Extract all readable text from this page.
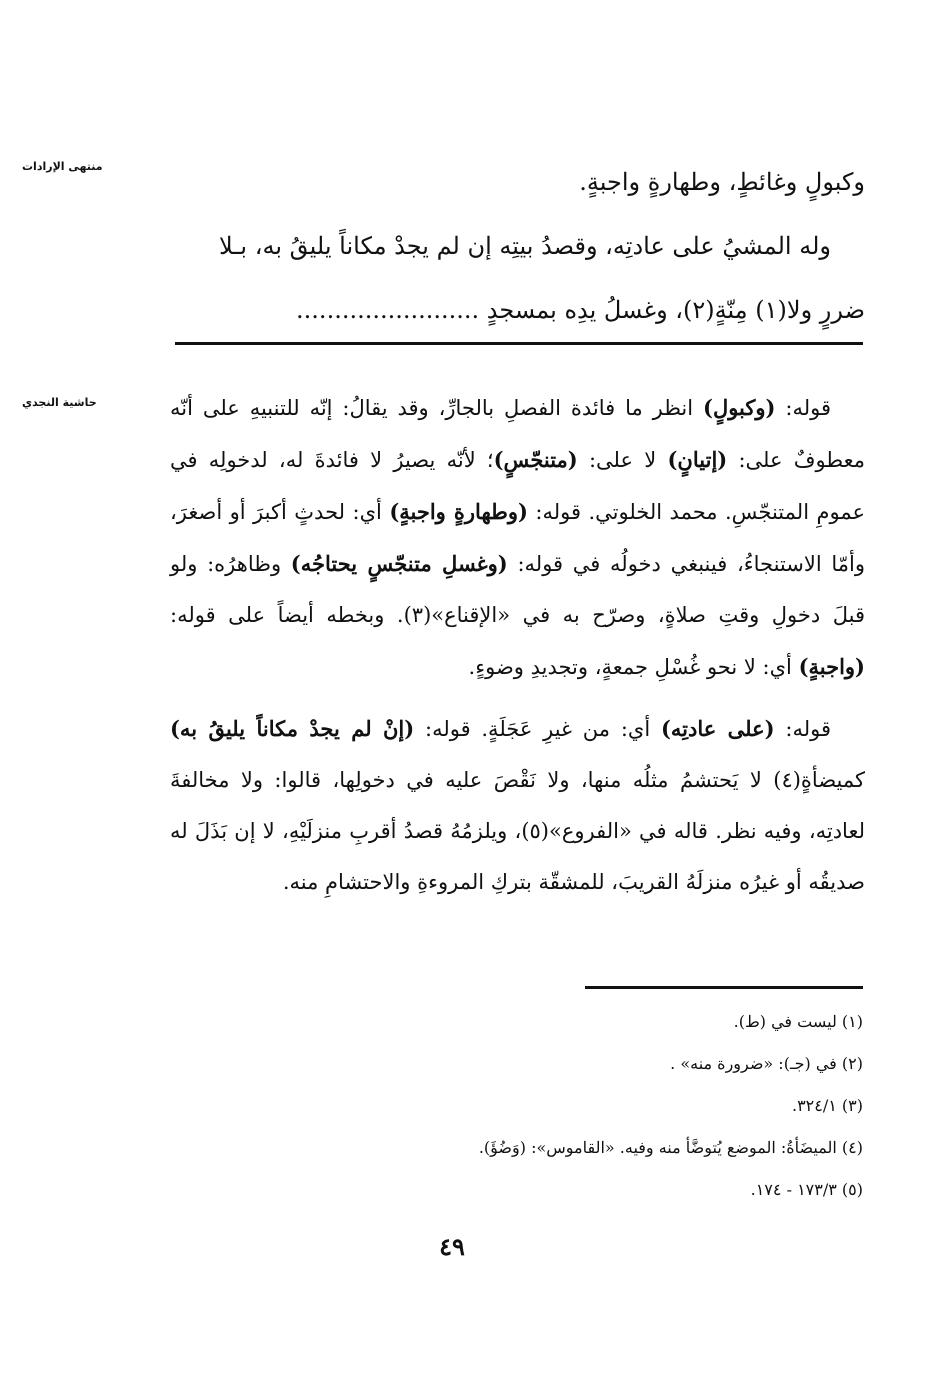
منتهى الإرادات
حاشية النجدي

وكبولٍ وغائطٍ، وطهارةٍ واجبةٍ.

وله المشيُ على عادتِه، وقصدُ بيتِه إن لم يجدْ مكاناً يليقُ به، بـلا

ضررٍ ولا(١) مِنّةٍ(٢)، وغسلُ يدِه بمسجدٍ ........................

قوله: (وكبولٍ) انظر ما فائدة الفصلِ بالجارِّ، وقد يقالُ: إنّه للتنبيهِ على أنّه معطوفٌ على: (إتيانٍ) لا على: (متنجّسٍ)؛ لأنّه يصيرُ لا فائدةَ له، لدخولِه في عمومِ المتنجّسِ. محمد الخلوتي. قوله: (وطهارةٍ واجبةٍ) أي: لحدثٍ أكبرَ أو أصغرَ، وأمّا الاستنجاءُ، فينبغي دخولُه في قوله: (وغسلِ متنجّسٍ يحتاجُه) وظاهرُه: ولو قبلَ دخولِ وقتِ صلاةٍ، وصرّح به في «الإقناع»(٣). وبخطه أيضاً على قوله: (واجبةٍ) أي: لا نحو غُسْلِ جمعةٍ، وتجديدِ وضوءٍ.

قوله: (على عادتِه) أي: من غيرِ عَجَلَةٍ. قوله: (إنْ لم يجدْ مكاناً يليقُ به) كميضأةٍ(٤) لا يَحتشمُ مثلُه منها، ولا نَقْصَ عليه في دخولِها، قالوا: ولا مخالفةَ لعادتِه، وفيه نظر. قاله في «الفروع»(٥)، ويلزمُهُ قصدُ أقربِ منزلَيْهِ، لا إن بَذَلَ له صديقُه أو غيرُه منزلَهُ القريبَ، للمشقّة بتركِ المروءةِ والاحتشامِ منه.

(١) ليست في (ط).
(٢) في (جـ): «ضرورة منه» .
(٣) ٣٢٤/١.
(٤) الميضَأةُ: الموضع يُتوضَّأ منه وفيه. «القاموس»: (وَضُؤَ).
(٥) ١٧٣/٣ - ١٧٤.
٤٩
